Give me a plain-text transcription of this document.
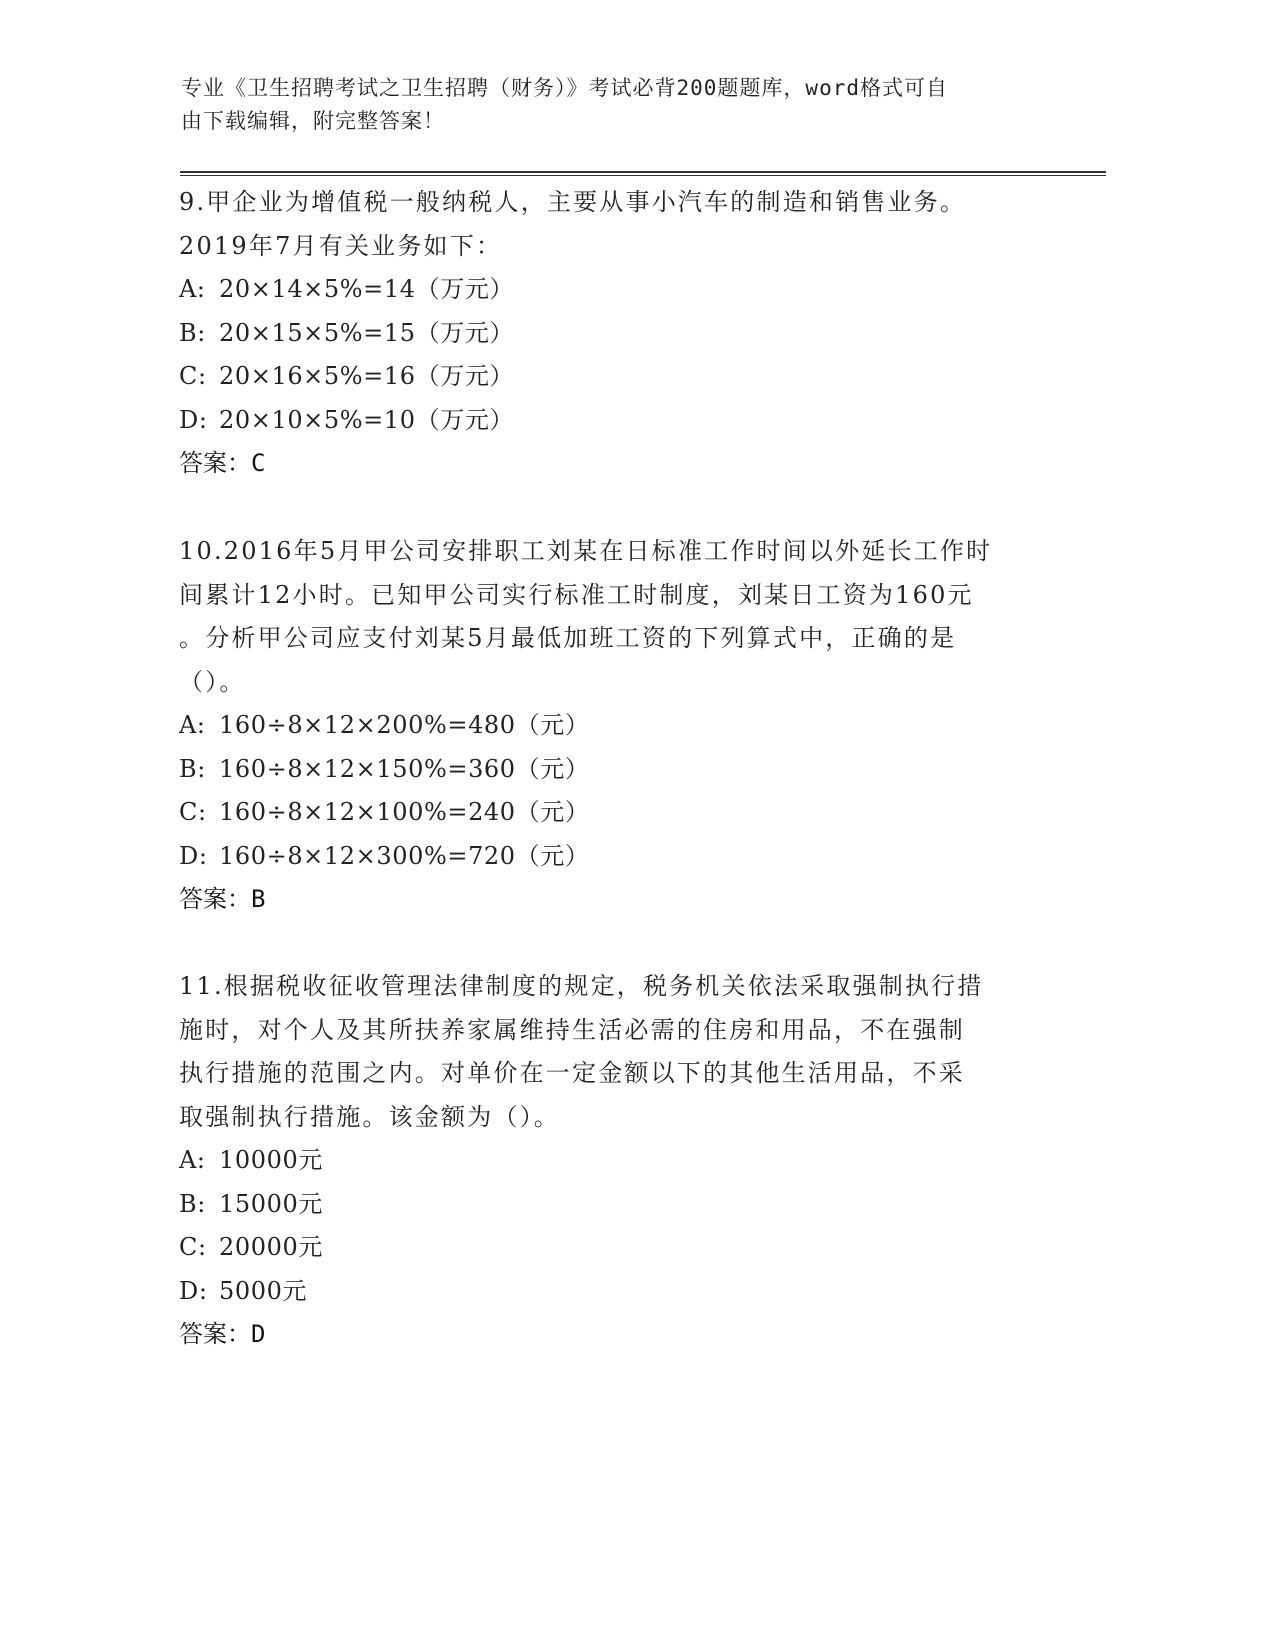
专业《卫生招聘考试之卫生招聘（财务）》考试必背200题题库，word格式可自
由下载编辑，附完整答案！

9.甲企业为增值税一般纳税人，主要从事小汽车的制造和销售业务。

2019年7月有关业务如下：

A: 20×14×5%=14（万元）

B: 20×15×5%=15（万元）

C: 20×16×5%=16（万元）

D: 20×10×5%=10（万元）

答案：C

10.2016年5月甲公司安排职工刘某在日标准工作时间以外延长工作时

间累计12小时。已知甲公司实行标准工时制度，刘某日工资为160元

。分析甲公司应支付刘某5月最低加班工资的下列算式中，正确的是

（）。

A: 160÷8×12×200%=480（元）

B: 160÷8×12×150%=360（元）

C: 160÷8×12×100%=240（元）

D: 160÷8×12×300%=720（元）

答案：B

11.根据税收征收管理法律制度的规定，税务机关依法采取强制执行措

施时，对个人及其所扶养家属维持生活必需的住房和用品，不在强制

执行措施的范围之内。对单价在一定金额以下的其他生活用品，不采

取强制执行措施。该金额为（）。

A: 10000元

B: 15000元

C: 20000元

D: 5000元

答案：D
